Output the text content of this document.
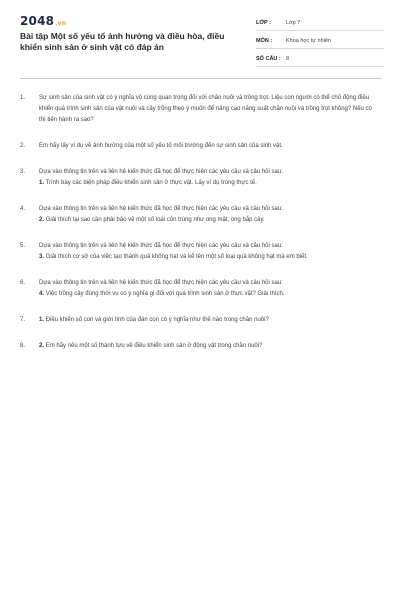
2048 .vn
Bài tập Một số yếu tố ảnh hưởng và điều hòa, điều khiển sinh sản ở sinh vật có đáp án
LỚP :	Lớp 7
MÔN :	Khoa học tự nhiên
SỐ CÂU : 8
1.	Sự sinh sản của sinh vật có ý nghĩa vô cùng quan trọng đối với chăn nuôi và trồng trọt. Liệu con người có thể chủ động điều khiển quá trình sinh sản của vật nuôi và cây trồng theo ý muốn để nâng cao năng suất chăn nuôi và trồng trọt không? Nếu có thì tiến hành ra sao?
2.	Em hãy lấy ví dụ về ảnh hưởng của một số yếu tố môi trường đến sự sinh sản của sinh vật.
3.	Dựa vào thông tin trên và liên hệ kiến thức đã học để thực hiện các yêu cầu và câu hỏi sau:
1. Trình bày các biện pháp điều khiển sinh sản ở thực vật. Lấy ví dụ trong thực tế.
4.	Dựa vào thông tin trên và liên hệ kiến thức đã học để thực hiện các yêu cầu và câu hỏi sau:
2. Giải thích tại sao cần phải bảo vệ một số loài côn trùng như ong mật, ong bắp cày.
5.	Dựa vào thông tin trên và liên hệ kiến thức đã học để thực hiện các yêu cầu và câu hỏi sau:
3. Giải thích cơ sở của việc tạo thành quả không hạt và kể tên một số loại quả không hạt mà em biết.
6.	Dựa vào thông tin trên và liên hệ kiến thức đã học để thực hiện các yêu cầu và câu hỏi sau:
4. Việc trồng cây đúng thời vụ có ý nghĩa gì đối với quá trình sinh sản ở thực vật? Giải thích.
7.	1. Điều khiển số con và giới tính của đàn con có ý nghĩa như thế nào trong chăn nuôi?
8.	2. Em hãy nêu một số thành tựu về điều khiển sinh sản ở động vật trong chăn nuôi?
